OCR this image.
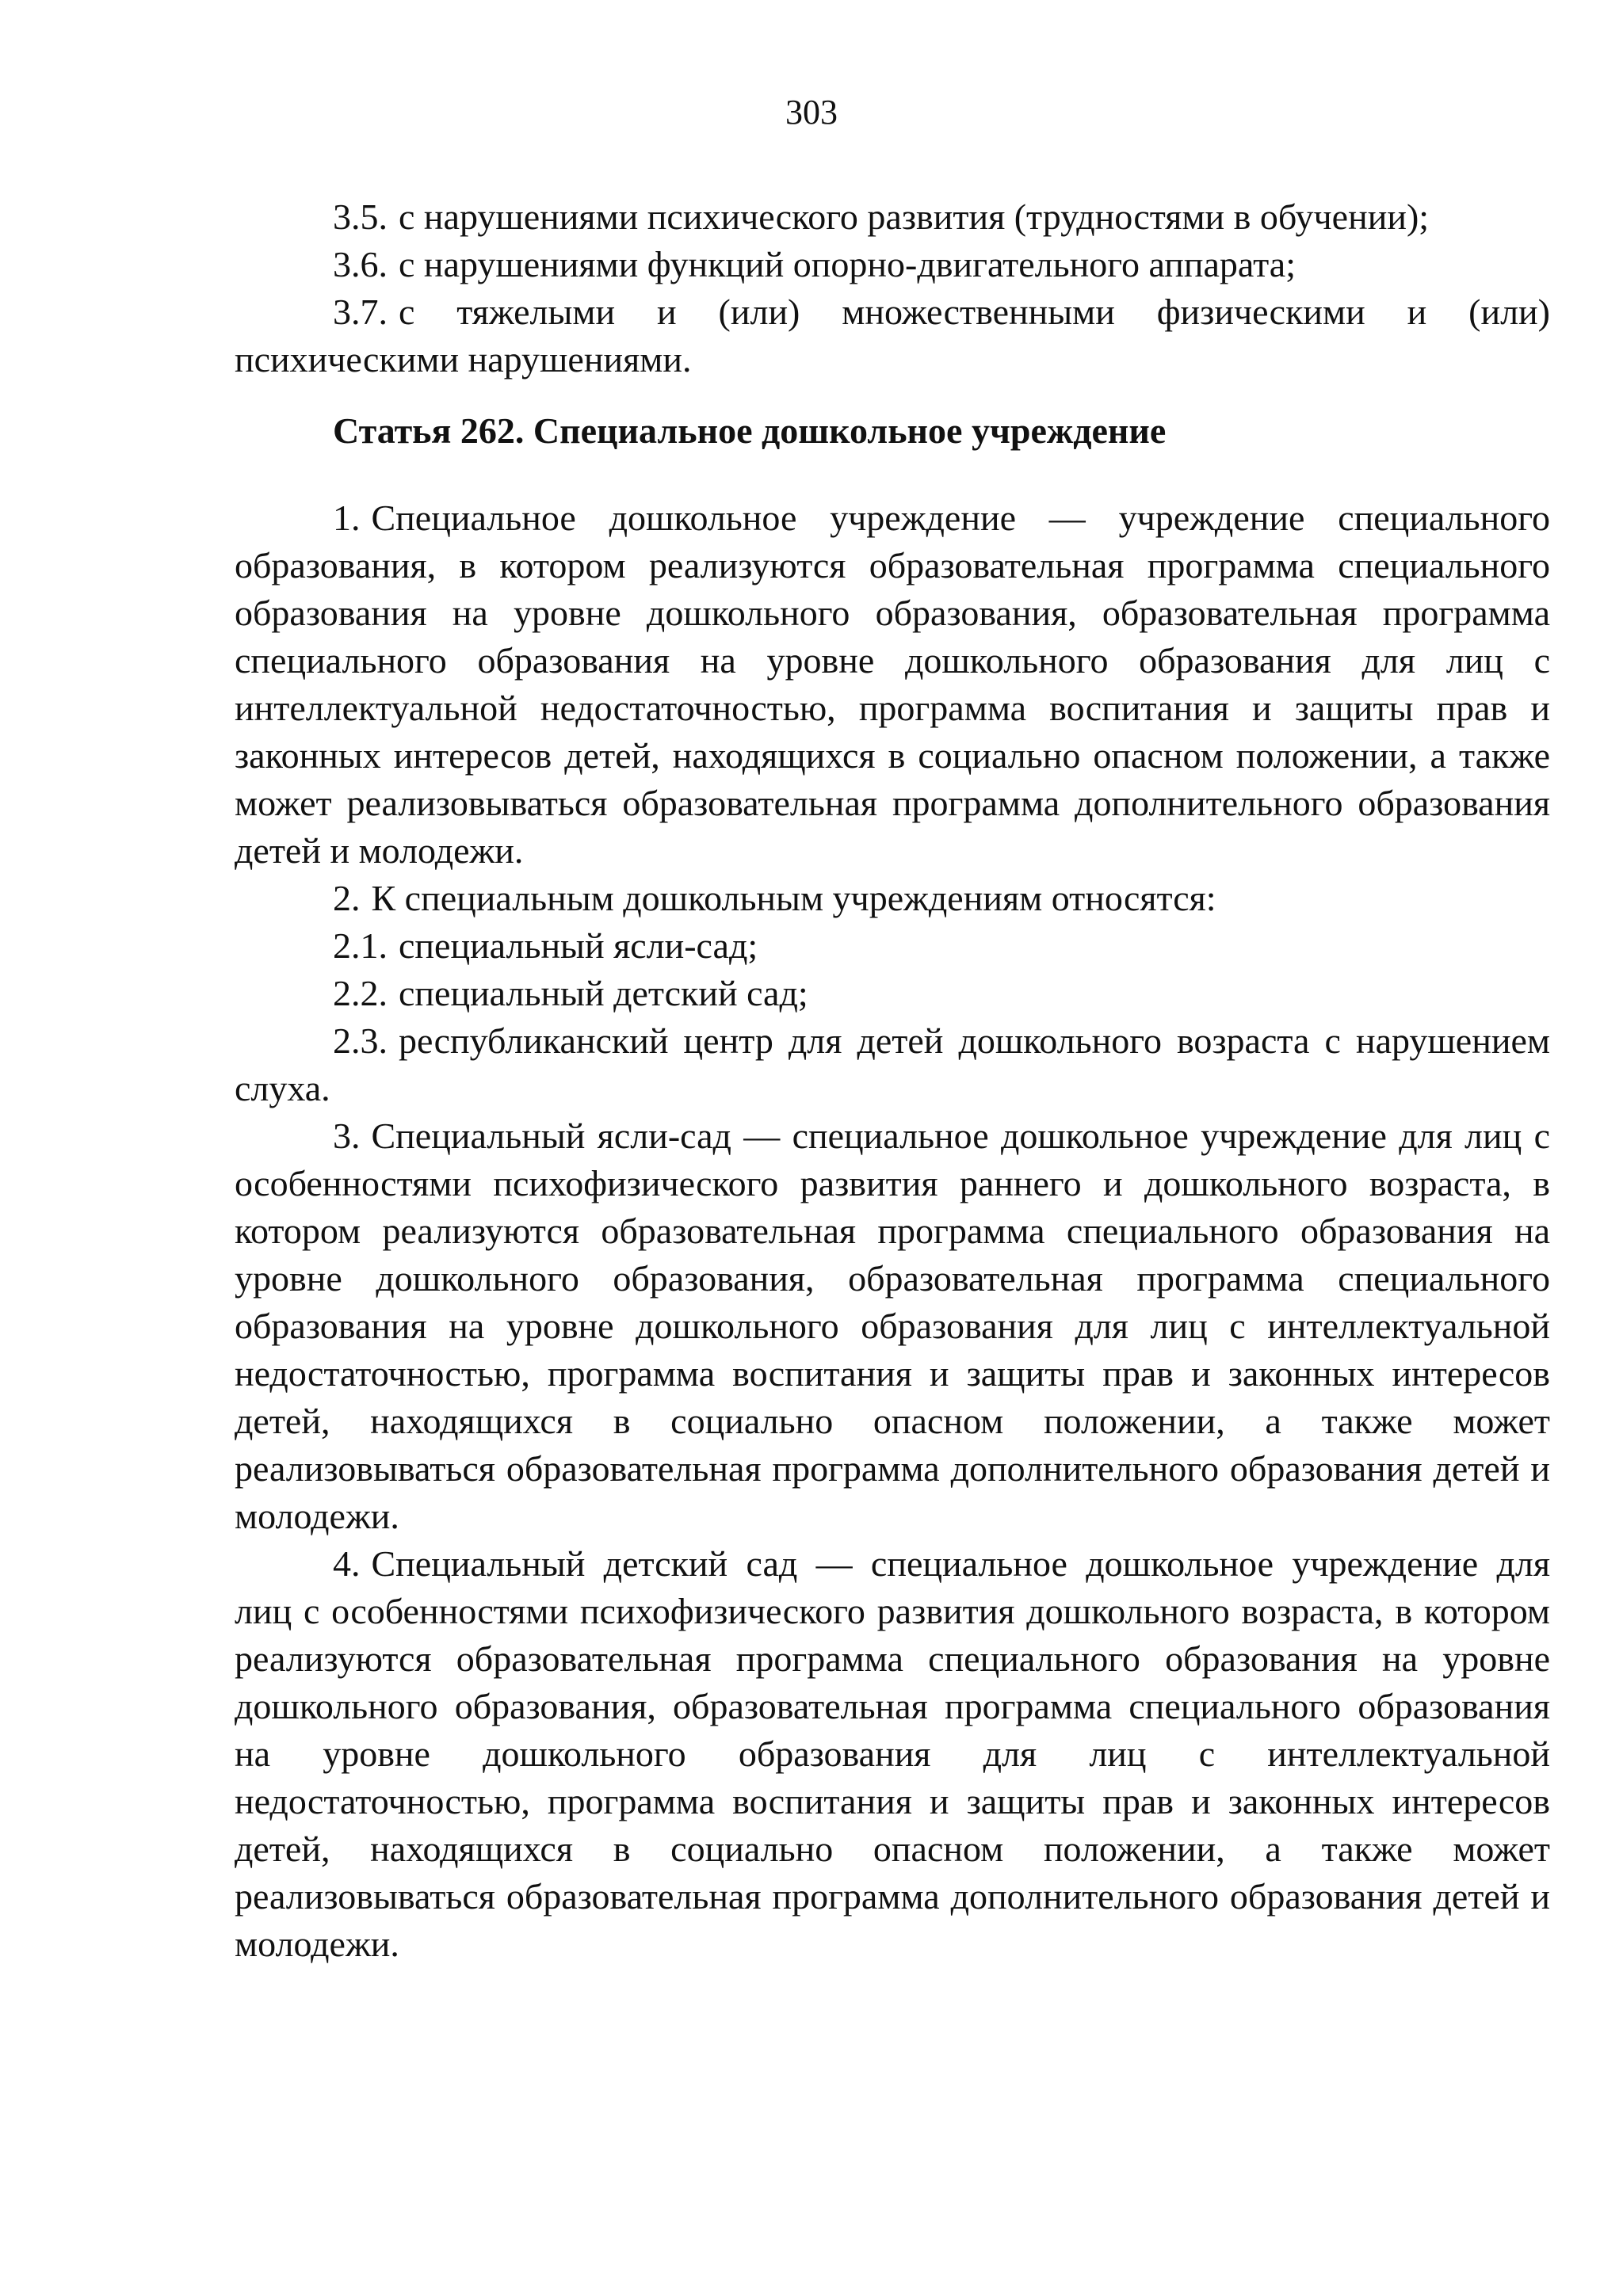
303

3.5. с нарушениями психического развития (трудностями в обучении);

3.6. с нарушениями функций опорно-двигательного аппарата;

3.7. с тяжелыми и (или) множественными физическими и (или) психическими нарушениями.

Статья 262. Специальное дошкольное учреждение

1. Специальное дошкольное учреждение — учреждение специального образования, в котором реализуются образовательная программа специального образования на уровне дошкольного образования, образовательная программа специального образования на уровне дошкольного образования для лиц с интеллектуальной недостаточностью, программа воспитания и защиты прав и законных интересов детей, находящихся в социально опасном положении, а также может реализовываться образовательная программа дополнительного образования детей и молодежи.

2. К специальным дошкольным учреждениям относятся:

2.1. специальный ясли-сад;

2.2. специальный детский сад;

2.3. республиканский центр для детей дошкольного возраста с нарушением слуха.

3. Специальный ясли-сад — специальное дошкольное учреждение для лиц с особенностями психофизического развития раннего и дошкольного возраста, в котором реализуются образовательная программа специального образования на уровне дошкольного образования, образовательная программа специального образования на уровне дошкольного образования для лиц с интеллектуальной недостаточностью, программа воспитания и защиты прав и законных интересов детей, находящихся в социально опасном положении, а также может реализовываться образовательная программа дополнительного образования детей и молодежи.

4. Специальный детский сад — специальное дошкольное учреждение для лиц с особенностями психофизического развития дошкольного возраста, в котором реализуются образовательная программа специального образования на уровне дошкольного образования, образовательная программа специального образования на уровне дошкольного образования для лиц с интеллектуальной недостаточностью, программа воспитания и защиты прав и законных интересов детей, находящихся в социально опасном положении, а также может реализовываться образовательная программа дополнительного образования детей и молодежи.
